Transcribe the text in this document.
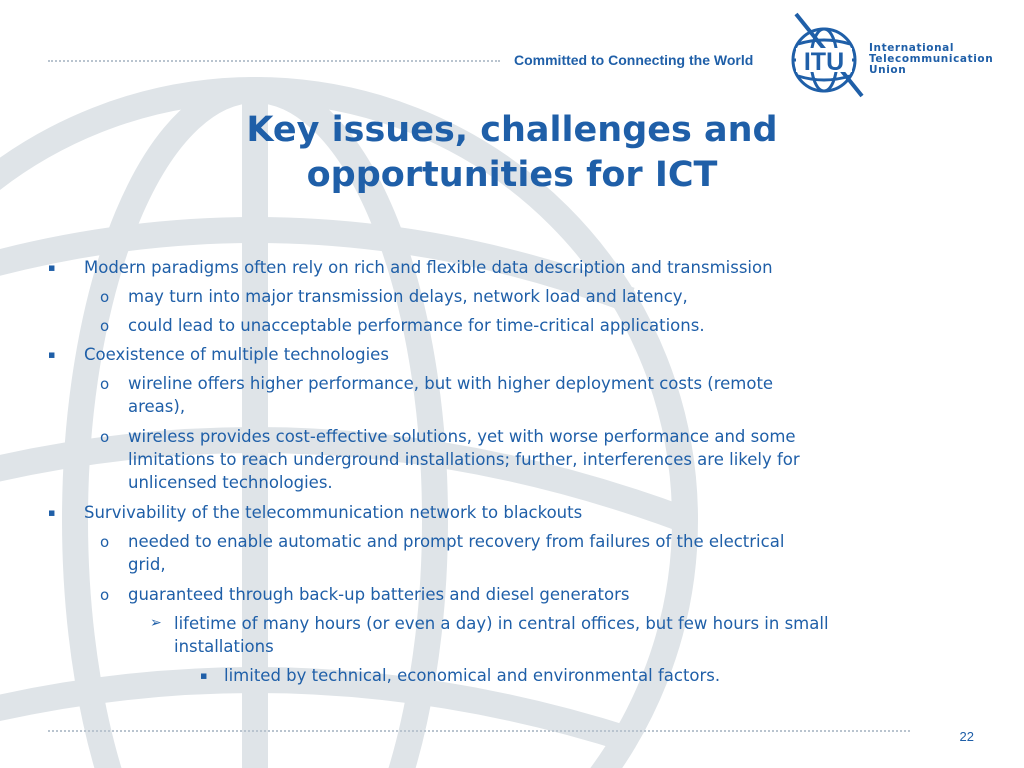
Committed to Connecting the World ITU International
Telecommunication
Union
Key issues, challenges and
opportunities for ICT
▪ Modern paradigms often rely on rich and flexible data description and transmission
o may turn into major transmission delays, network load and latency,
o could lead to unacceptable performance for time-critical applications.
▪ Coexistence of multiple technologies
o wireline offers higher performance, but with higher deployment costs (remote
areas),
o wireless provides cost-effective solutions, yet with worse performance and some
limitations to reach underground installations; further, interferences are likely for
unlicensed technologies.
▪ Survivability of the telecommunication network to blackouts
o needed to enable automatic and prompt recovery from failures of the electrical
grid,
o guaranteed through back-up batteries and diesel generators
➢ lifetime of many hours (or even a day) in central offices, but few hours in small
installations
▪ limited by technical, economical and environmental factors.
22
